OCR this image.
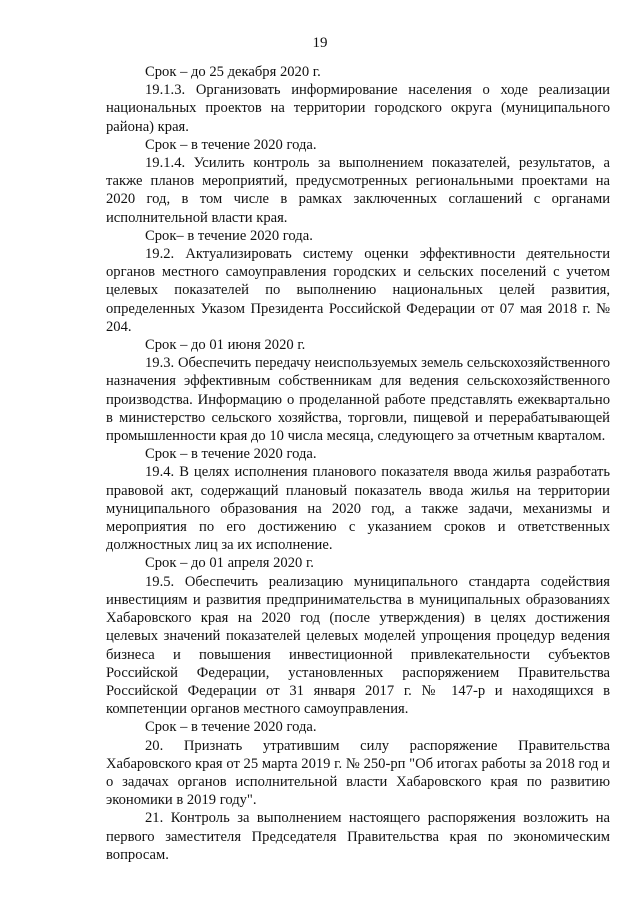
19

Срок – до 25 декабря 2020 г.

19.1.3. Организовать информирование населения о ходе реализации национальных проектов на территории городского округа (муниципального района) края.

Срок – в течение 2020 года.

19.1.4. Усилить контроль за выполнением показателей, результатов, а также планов мероприятий, предусмотренных региональными проектами на 2020 год, в том числе в рамках заключенных соглашений с органами исполнительной власти края.

Срок– в течение 2020 года.

19.2. Актуализировать систему оценки эффективности деятельности органов местного самоуправления городских и сельских поселений с учетом целевых показателей по выполнению национальных целей развития, определенных Указом Президента Российской Федерации от 07 мая 2018 г. № 204.

Срок – до 01 июня 2020 г.

19.3. Обеспечить передачу неиспользуемых земель сельскохозяйственного назначения эффективным собственникам для ведения сельскохозяйственного производства. Информацию о проделанной работе представлять ежеквартально в министерство сельского хозяйства, торговли, пищевой и перерабатывающей промышленности края до 10 числа месяца, следующего за отчетным кварталом.

Срок – в течение 2020 года.

19.4. В целях исполнения планового показателя ввода жилья разработать правовой акт, содержащий плановый показатель ввода жилья на территории муниципального образования на 2020 год, а также задачи, механизмы и мероприятия по его достижению с указанием сроков и ответственных должностных лиц за их исполнение.

Срок – до 01 апреля 2020 г.

19.5. Обеспечить реализацию муниципального стандарта содействия инвестициям и развития предпринимательства в муниципальных образованиях Хабаровского края на 2020 год (после утверждения) в целях достижения целевых значений показателей целевых моделей упрощения процедур ведения бизнеса и повышения инвестиционной привлекательности субъектов Российской Федерации, установленных распоряжением Правительства Российской Федерации от 31 января 2017 г. № 147-р и находящихся в компетенции органов местного самоуправления.

Срок – в течение 2020 года.

20. Признать утратившим силу распоряжение Правительства Хабаровского края от 25 марта 2019 г. № 250-рп "Об итогах работы за 2018 год и о задачах органов исполнительной власти Хабаровского края по развитию экономики в 2019 году".

21. Контроль за выполнением настоящего распоряжения возложить на первого заместителя Председателя Правительства края по экономическим вопросам.
